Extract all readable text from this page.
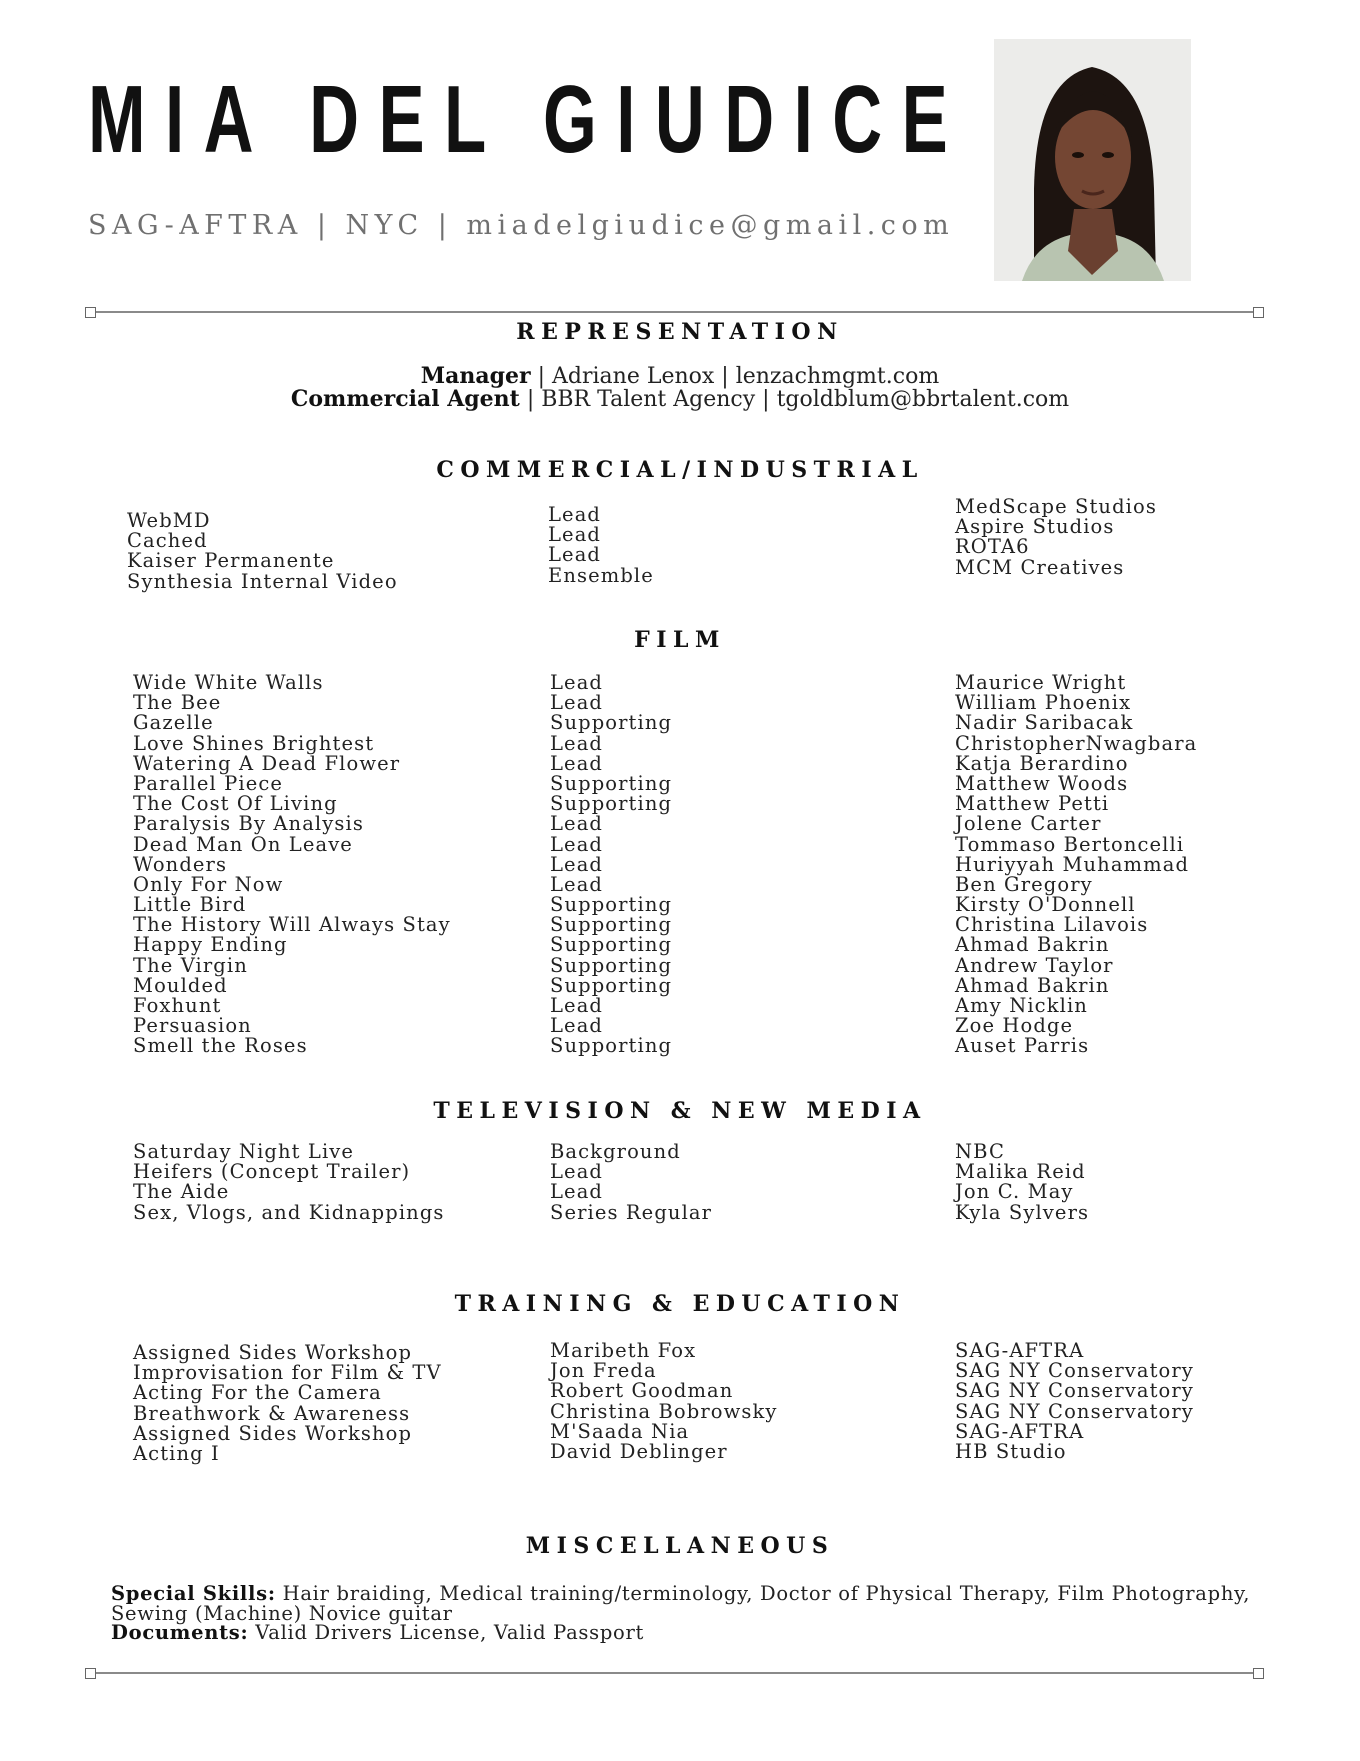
MIA DEL GIUDICE
SAG-AFTRA | NYC | miadelgiudice@gmail.com
REPRESENTATION
Manager | Adriane Lenox | lenzachmgmt.com
Commercial Agent | BBR Talent Agency | tgoldblum@bbrtalent.com
COMMERCIAL/INDUSTRIAL
WebMD
Cached
Kaiser Permanente
Synthesia Internal Video
Lead
Lead
Lead
Ensemble
MedScape Studios
Aspire Studios
ROTA6
MCM Creatives
FILM
Wide White Walls
The Bee
Gazelle
Love Shines Brightest
Watering A Dead Flower
Parallel Piece
The Cost Of Living
Paralysis By Analysis
Dead Man On Leave
Wonders
Only For Now
Little Bird
The History Will Always Stay
Happy Ending
The Virgin
Moulded
Foxhunt
Persuasion
Smell the Roses
Lead
Lead
Supporting
Lead
Lead
Supporting
Supporting
Lead
Lead
Lead
Lead
Supporting
Supporting
Supporting
Supporting
Supporting
Lead
Lead
Supporting
Maurice Wright
William Phoenix
Nadir Saribacak
ChristopherNwagbara
Katja Berardino
Matthew Woods
Matthew Petti
Jolene Carter
Tommaso Bertoncelli
Huriyyah Muhammad
Ben Gregory
Kirsty O'Donnell
Christina Lilavois
Ahmad Bakrin
Andrew Taylor
Ahmad Bakrin
Amy Nicklin
Zoe Hodge
Auset Parris
TELEVISION & NEW MEDIA
Saturday Night Live
Heifers (Concept Trailer)
The Aide
Sex, Vlogs, and Kidnappings
Background
Lead
Lead
Series Regular
NBC
Malika Reid
Jon C. May
Kyla Sylvers
TRAINING & EDUCATION
Assigned Sides Workshop
Improvisation for Film & TV
Acting For the Camera
Breathwork & Awareness
Assigned Sides Workshop
Acting I
Maribeth Fox
Jon Freda
Robert Goodman
Christina Bobrowsky
M'Saada Nia
David Deblinger
SAG-AFTRA
SAG NY Conservatory
SAG NY Conservatory
SAG NY Conservatory
SAG-AFTRA
HB Studio
MISCELLANEOUS
Special Skills: Hair braiding, Medical training/terminology, Doctor of Physical Therapy, Film Photography,
Sewing (Machine) Novice guitar
Documents: Valid Drivers License, Valid Passport
